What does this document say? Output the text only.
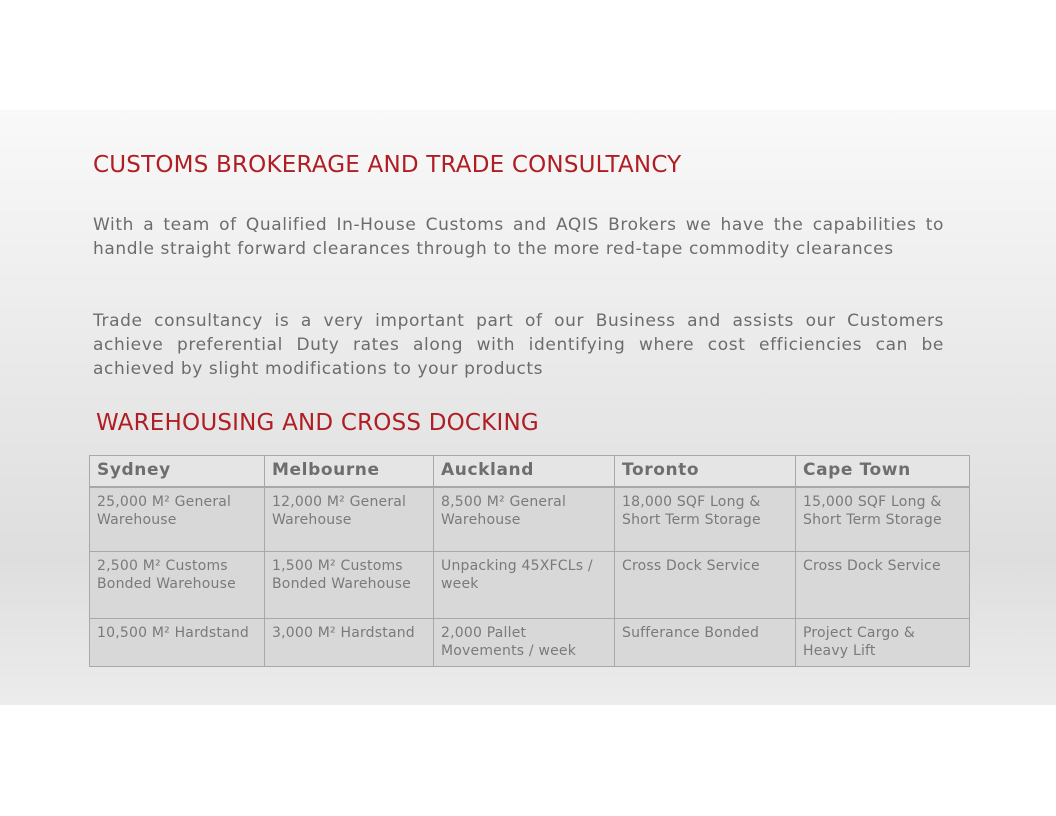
CUSTOMS BROKERAGE AND TRADE CONSULTANCY

With a team of Qualified In-House Customs and AQIS Brokers we have the capabilities to handle straight forward clearances through to the more red-tape commodity clearances

Trade consultancy is a very important part of our Business and assists our Customers achieve preferential Duty rates along with identifying where cost efficiencies can be achieved by slight modifications to your products

WAREHOUSING AND CROSS DOCKING
Sydney	Melbourne	Auckland	Toronto	Cape Town
25,000 M² General Warehouse	12,000 M² General Warehouse	8,500 M² General Warehouse	18,000 SQF Long & Short Term Storage	15,000 SQF Long & Short Term Storage
2,500 M² Customs Bonded Warehouse	1,500 M² Customs Bonded Warehouse	Unpacking 45XFCLs / week	Cross Dock Service	Cross Dock Service
10,500 M² Hardstand	3,000 M² Hardstand	2,000 Pallet Movements / week	Sufferance Bonded	Project Cargo & Heavy Lift
